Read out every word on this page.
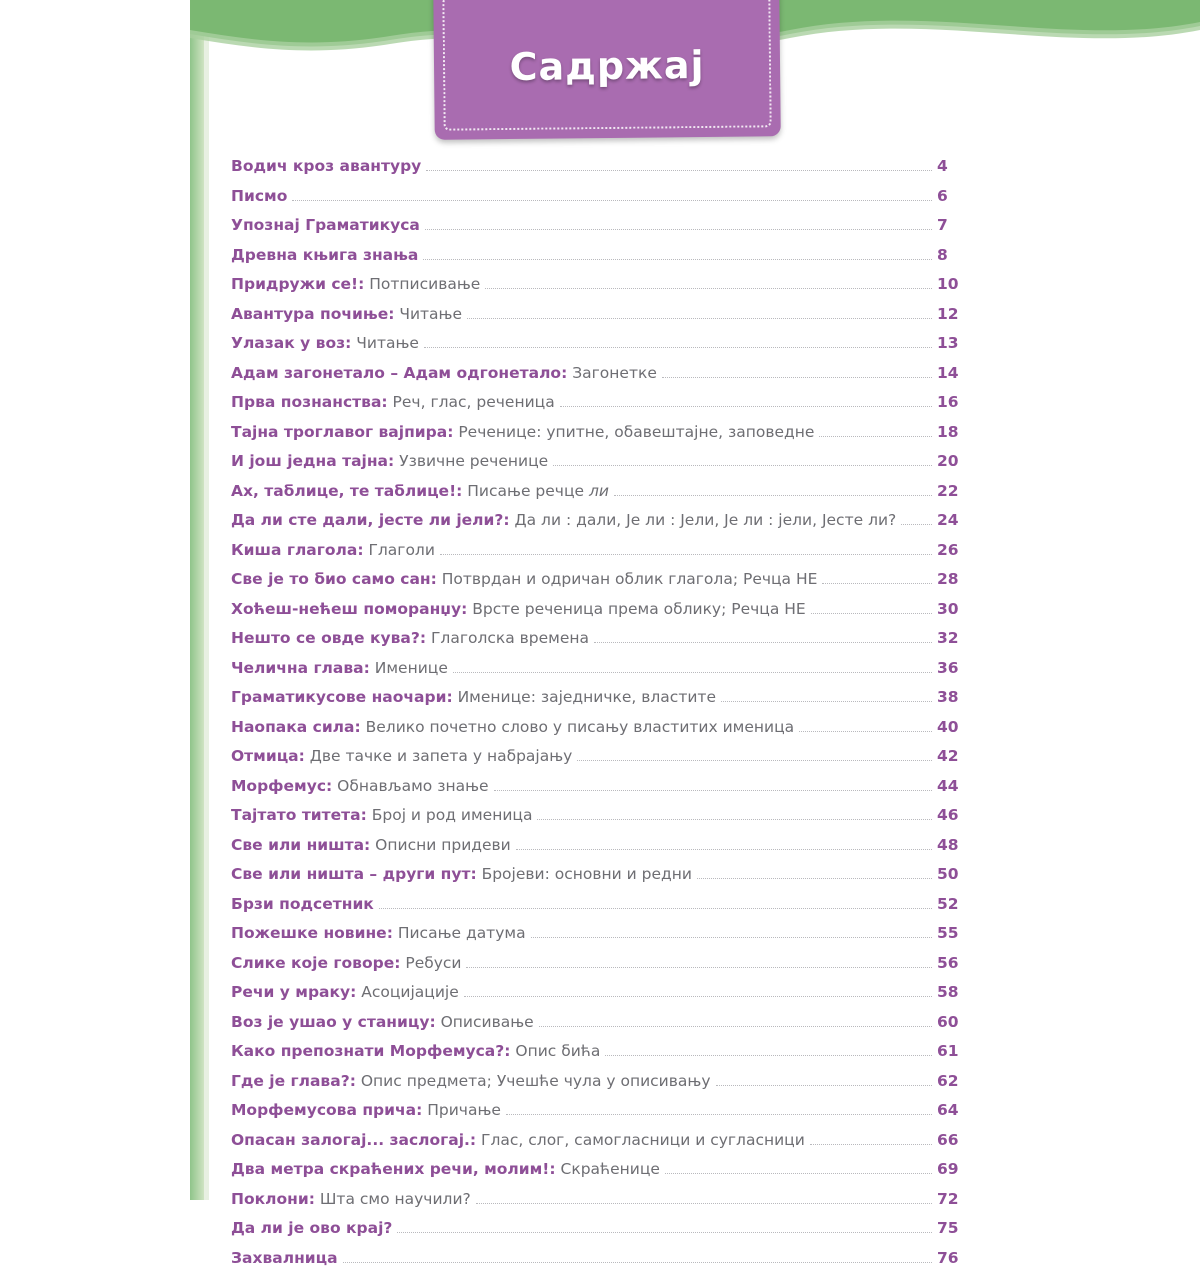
Садржај
Водич кроз авантуру	4
Писмо	6
Упознај Граматикуса	7
Древна књига знања	8
Придружи се!: Потписивање	10
Авантура почиње: Читање	12
Улазак у воз: Читање	13
Адам загонетало – Адам одгонетало: Загонетке	14
Прва познанства: Реч, глас, реченица	16
Тајна троглавог вајпира: Реченице: упитне, обавештајне, заповедне	18
И још једна тајна: Узвичне реченице	20
Ах, таблице, те таблице!: Писање речце ли	22
Да ли сте дали, јесте ли јели?: Да ли : дали, Је ли : Јели, Је ли : јели, Јесте ли?	24
Киша глагола: Глаголи	26
Све је то био само сан: Потврдан и одричан облик глагола; Речца НЕ	28
Хоћеш-нећеш поморанџу: Врсте реченица према облику; Речца НЕ	30
Нешто се овде кува?: Глаголска времена	32
Челична глава: Именице	36
Граматикусове наочари: Именице: заједничке, властите	38
Наопака сила: Велико почетно слово у писању властитих именица	40
Отмица: Две тачке и запета у набрајању	42
Морфемус: Обнављамо знање	44
Тајтато титета: Број и род именица	46
Све или ништа: Описни придеви	48
Све или ништа – други пут: Бројеви: основни и редни	50
Брзи подсетник	52
Пожешке новине: Писање датума	55
Слике које говоре: Ребуси	56
Речи у мраку: Асоцијације	58
Воз је ушао у станицу: Описивање	60
Како препознати Морфемуса?: Опис бића	61
Где је глава?: Опис предмета; Учешће чула у описивању	62
Морфемусова прича: Причање	64
Опасан залогај... заслогај.: Глас, слог, самогласници и сугласници	66
Два метра скраћених речи, молим!: Скраћенице	69
Поклони: Шта смо научили?	72
Да ли је ово крај?	75
Захвалница	76
